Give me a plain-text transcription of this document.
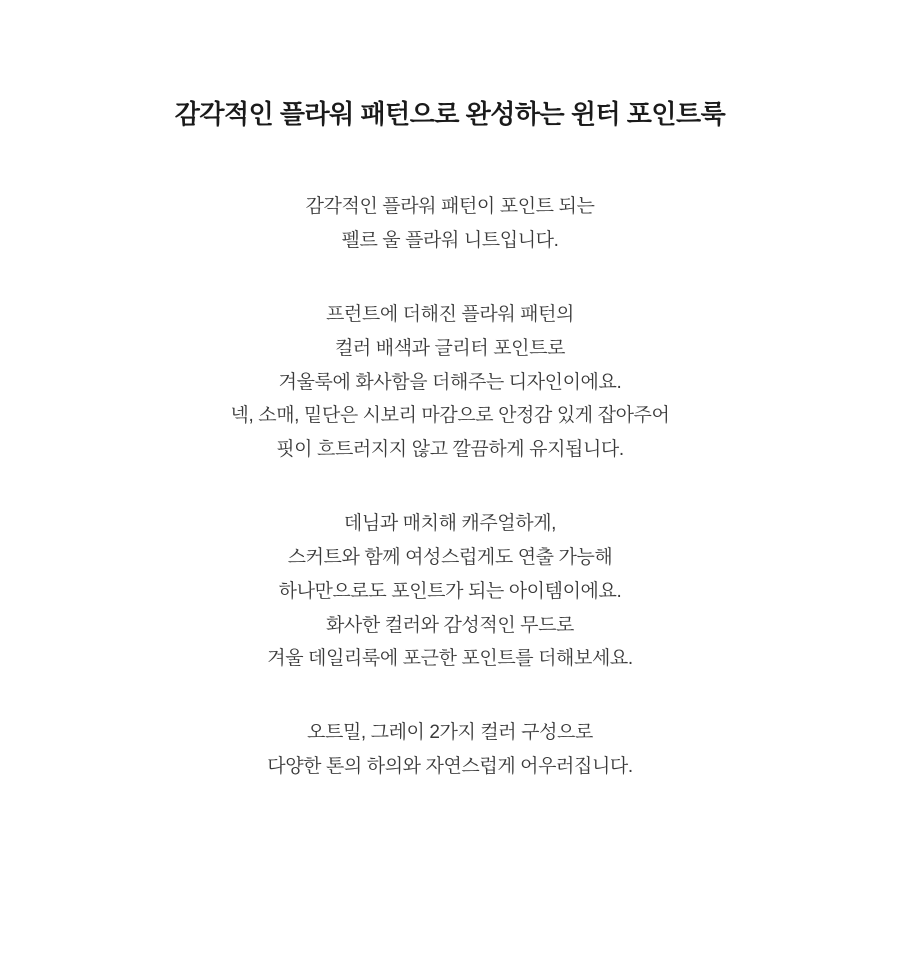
감각적인 플라워 패턴으로 완성하는 윈터 포인트룩
감각적인 플라워 패턴이 포인트 되는
펠르 울 플라워 니트입니다.
프런트에 더해진 플라워 패턴의
컬러 배색과 글리터 포인트로
겨울룩에 화사함을 더해주는 디자인이에요.
넥, 소매, 밑단은 시보리 마감으로 안정감 있게 잡아주어
핏이 흐트러지지 않고 깔끔하게 유지됩니다.
데님과 매치해 캐주얼하게,
스커트와 함께 여성스럽게도 연출 가능해
하나만으로도 포인트가 되는 아이템이에요.
화사한 컬러와 감성적인 무드로
겨울 데일리룩에 포근한 포인트를 더해보세요.
오트밀, 그레이 2가지 컬러 구성으로
다양한 톤의 하의와 자연스럽게 어우러집니다.
